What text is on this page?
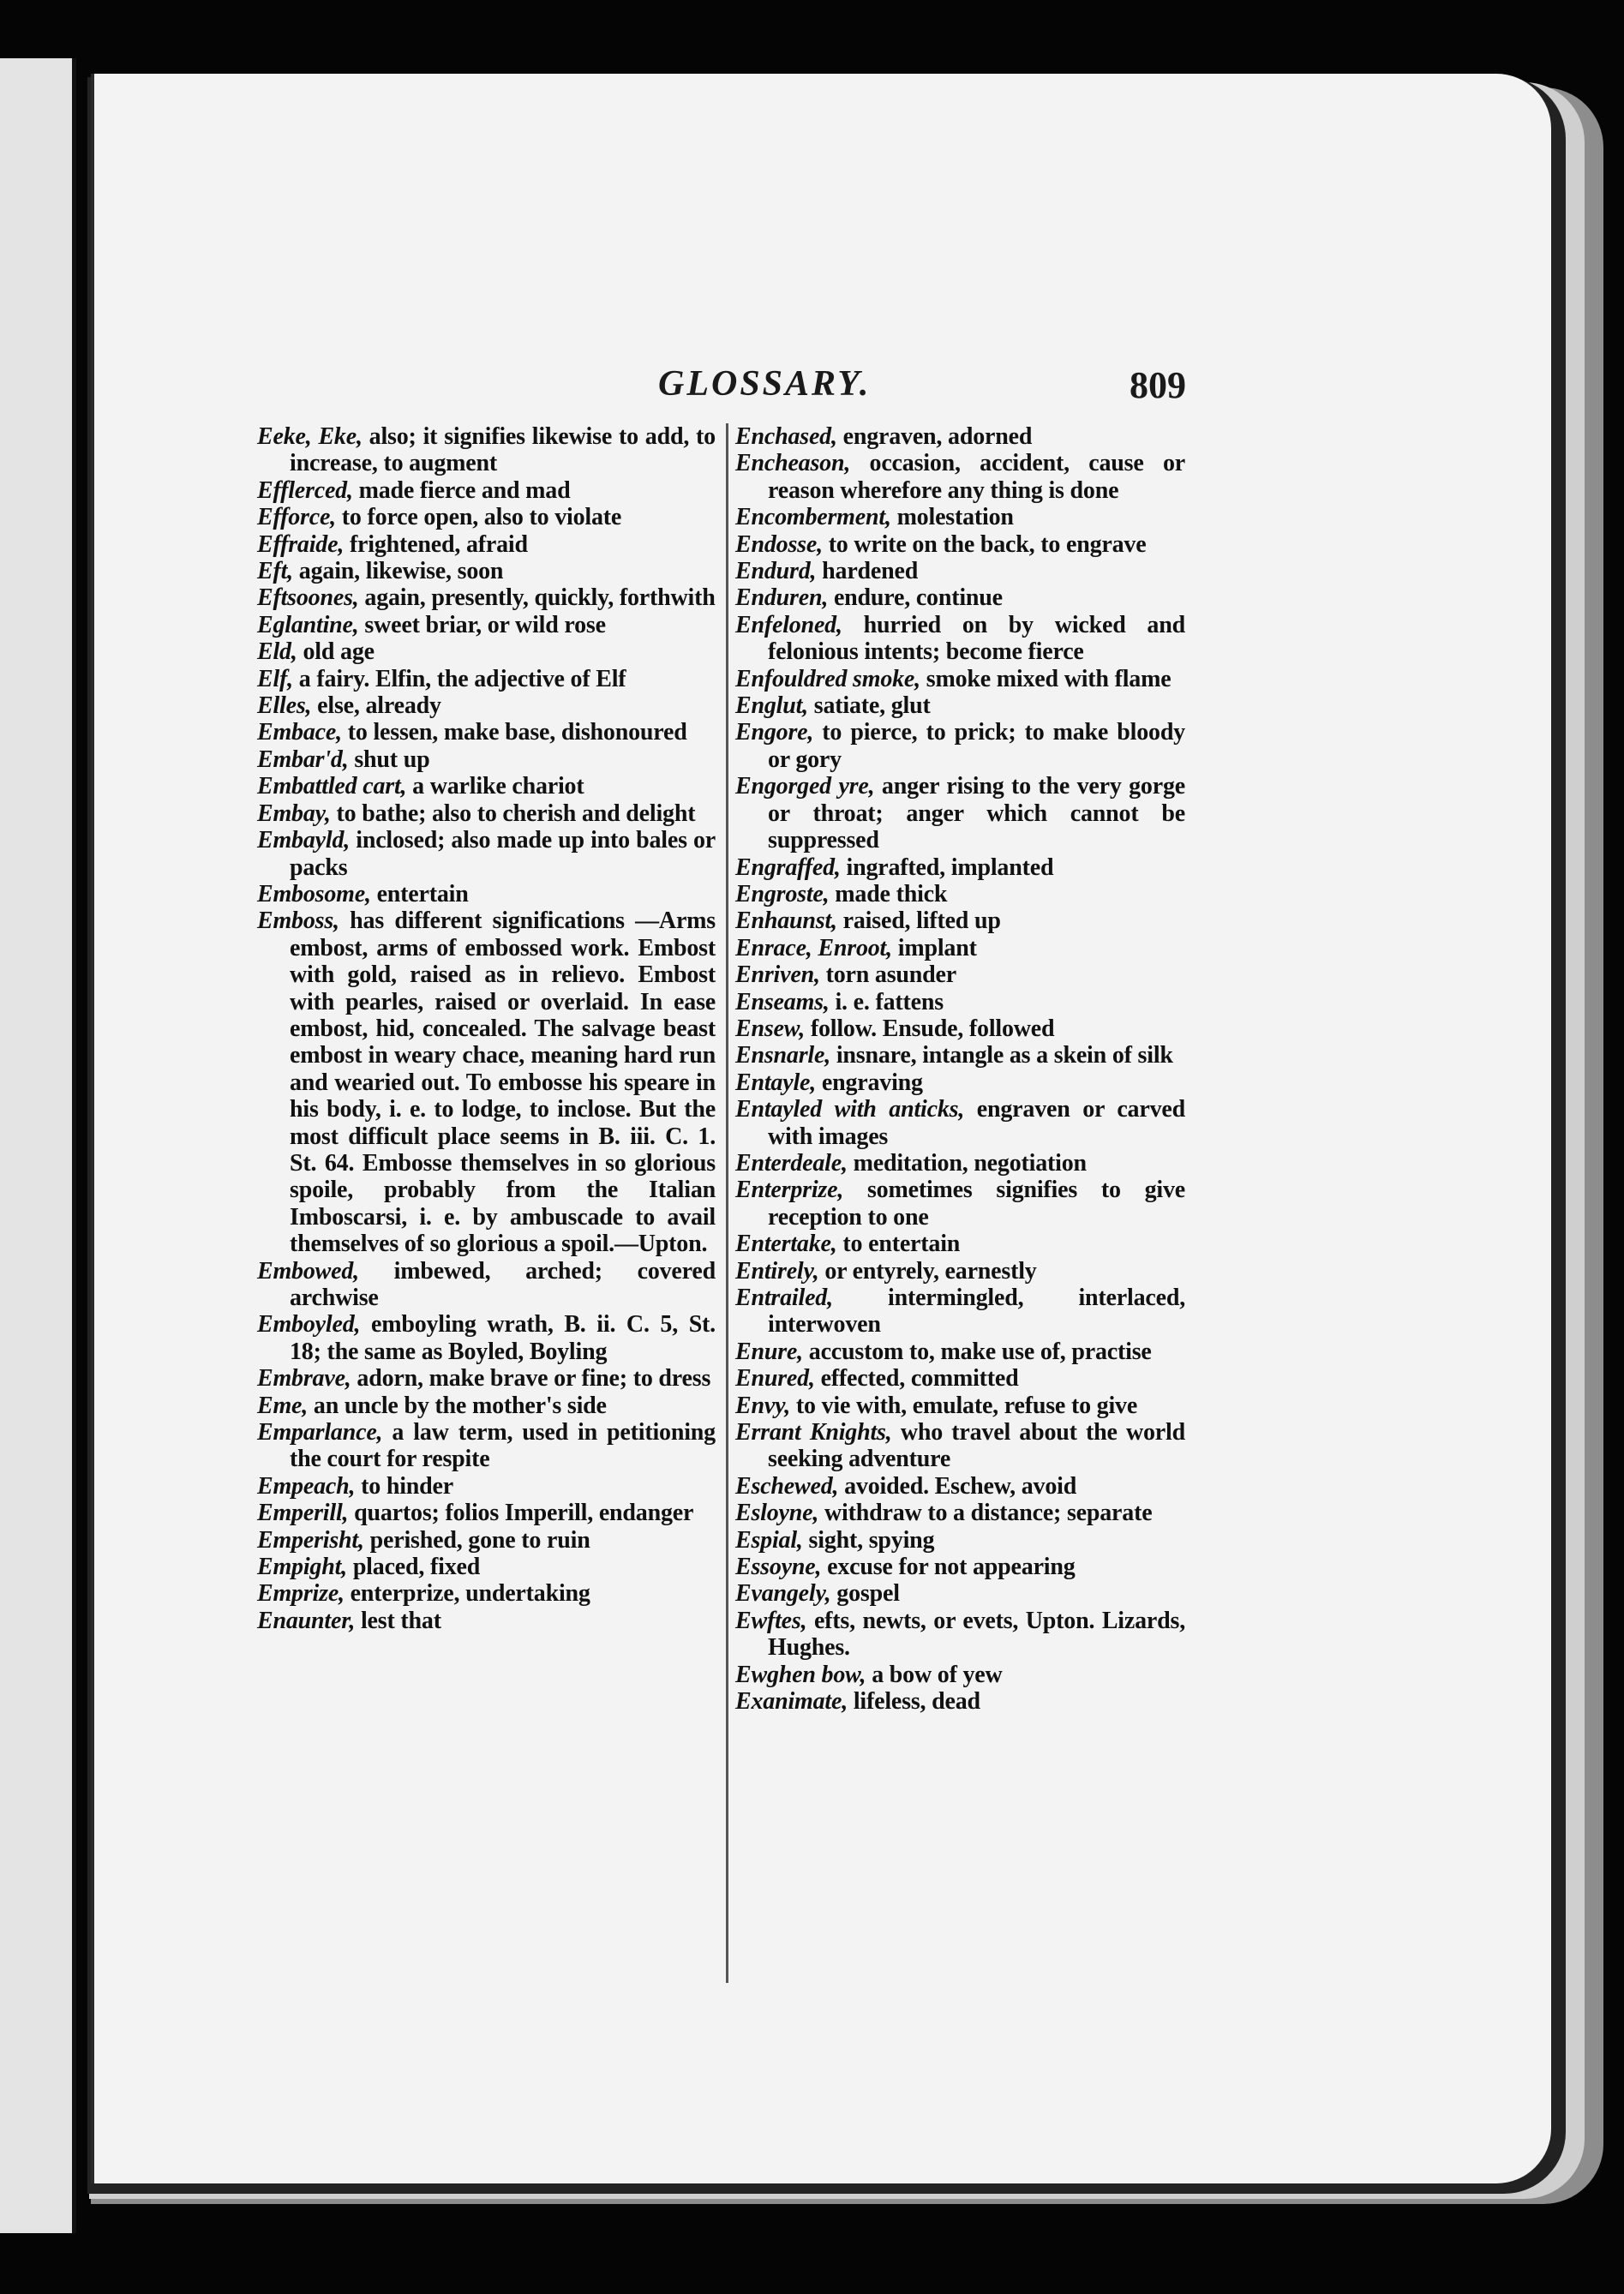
GLOSSARY.	809

Eeke, Eke, also; it signifies likewise to add, to increase, to augment

Efflerced, made fierce and mad

Efforce, to force open, also to violate

Effraide, frightened, afraid

Eft, again, likewise, soon

Eftsoones, again, presently, quickly, forthwith

Eglantine, sweet briar, or wild rose

Eld, old age

Elf, a fairy. Elfin, the adjective of Elf

Elles, else, already

Embace, to lessen, make base, dishonoured

Embar'd, shut up

Embattled cart, a warlike chariot

Embay, to bathe; also to cherish and delight

Embayld, inclosed; also made up into bales or packs

Embosome, entertain

Emboss, has different significations —Arms embost, arms of embossed work. Embost with gold, raised as in relievo. Embost with pearles, raised or overlaid. In ease embost, hid, concealed. The salvage beast embost in weary chace, meaning hard run and wearied out. To embosse his speare in his body, i. e. to lodge, to inclose. But the most difficult place seems in B. iii. C. 1. St. 64. Embosse themselves in so glorious spoile, probably from the Italian Imboscarsi, i. e. by ambuscade to avail themselves of so glorious a spoil.—Upton.

Embowed, imbewed, arched; covered archwise

Emboyled, emboyling wrath, B. ii. C. 5, St. 18; the same as Boyled, Boyling

Embrave, adorn, make brave or fine; to dress

Eme, an uncle by the mother's side

Emparlance, a law term, used in petitioning the court for respite

Empeach, to hinder

Emperill, quartos; folios Imperill, endanger

Emperisht, perished, gone to ruin

Empight, placed, fixed

Emprize, enterprize, undertaking

Enaunter, lest that

Enchased, engraven, adorned

Encheason, occasion, accident, cause or reason wherefore any thing is done

Encomberment, molestation

Endosse, to write on the back, to engrave

Endurd, hardened

Enduren, endure, continue

Enfeloned, hurried on by wicked and felonious intents; become fierce

Enfouldred smoke, smoke mixed with flame

Englut, satiate, glut

Engore, to pierce, to prick; to make bloody or gory

Engorged yre, anger rising to the very gorge or throat; anger which cannot be suppressed

Engraffed, ingrafted, implanted

Engroste, made thick

Enhaunst, raised, lifted up

Enrace, Enroot, implant

Enriven, torn asunder

Enseams, i. e. fattens

Ensew, follow. Ensude, followed

Ensnarle, insnare, intangle as a skein of silk

Entayle, engraving

Entayled with anticks, engraven or carved with images

Enterdeale, meditation, negotiation

Enterprize, sometimes signifies to give reception to one

Entertake, to entertain

Entirely, or entyrely, earnestly

Entrailed, intermingled, interlaced, interwoven

Enure, accustom to, make use of, practise

Enured, effected, committed

Envy, to vie with, emulate, refuse to give

Errant Knights, who travel about the world seeking adventure

Eschewed, avoided. Eschew, avoid

Esloyne, withdraw to a distance; separate

Espial, sight, spying

Essoyne, excuse for not appearing

Evangely, gospel

Ewftes, efts, newts, or evets, Upton. Lizards, Hughes.

Ewghen bow, a bow of yew

Exanimate, lifeless, dead
